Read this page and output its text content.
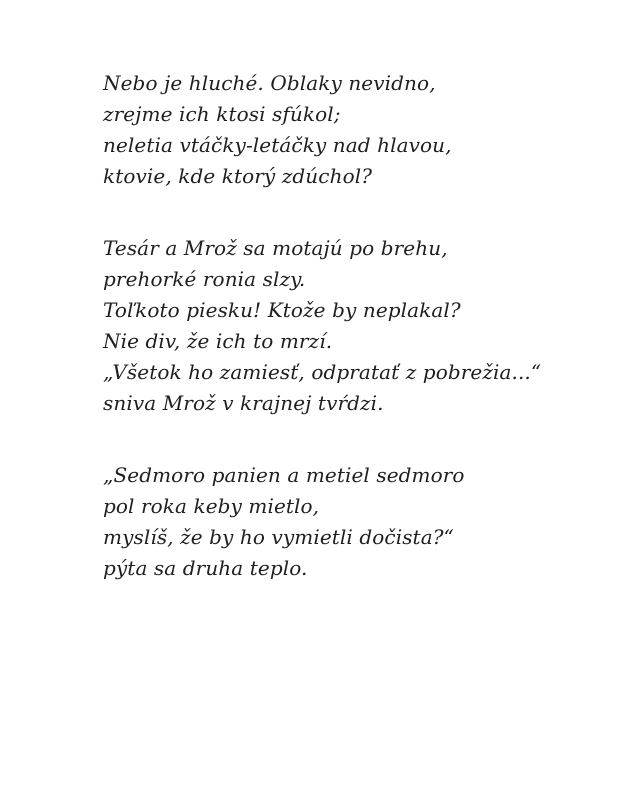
Nebo je hluché. Oblaky nevidno,
zrejme ich ktosi sfúkol;
neletia vtáčky-letáčky nad hlavou,
ktovie, kde ktorý zdúchol?
Tesár a Mrož sa motajú po brehu,
prehorké ronia slzy.
Toľkoto piesku! Ktože by neplakal?
Nie div, že ich to mrzí.
„Všetok ho zamiesť, odpratať z pobrežia...“
sniva Mrož v krajnej tvŕdzi.
„Sedmoro panien a metiel sedmoro
pol roka keby mietlo,
myslíš, že by ho vymietli dočista?“
pýta sa druha teplo.
